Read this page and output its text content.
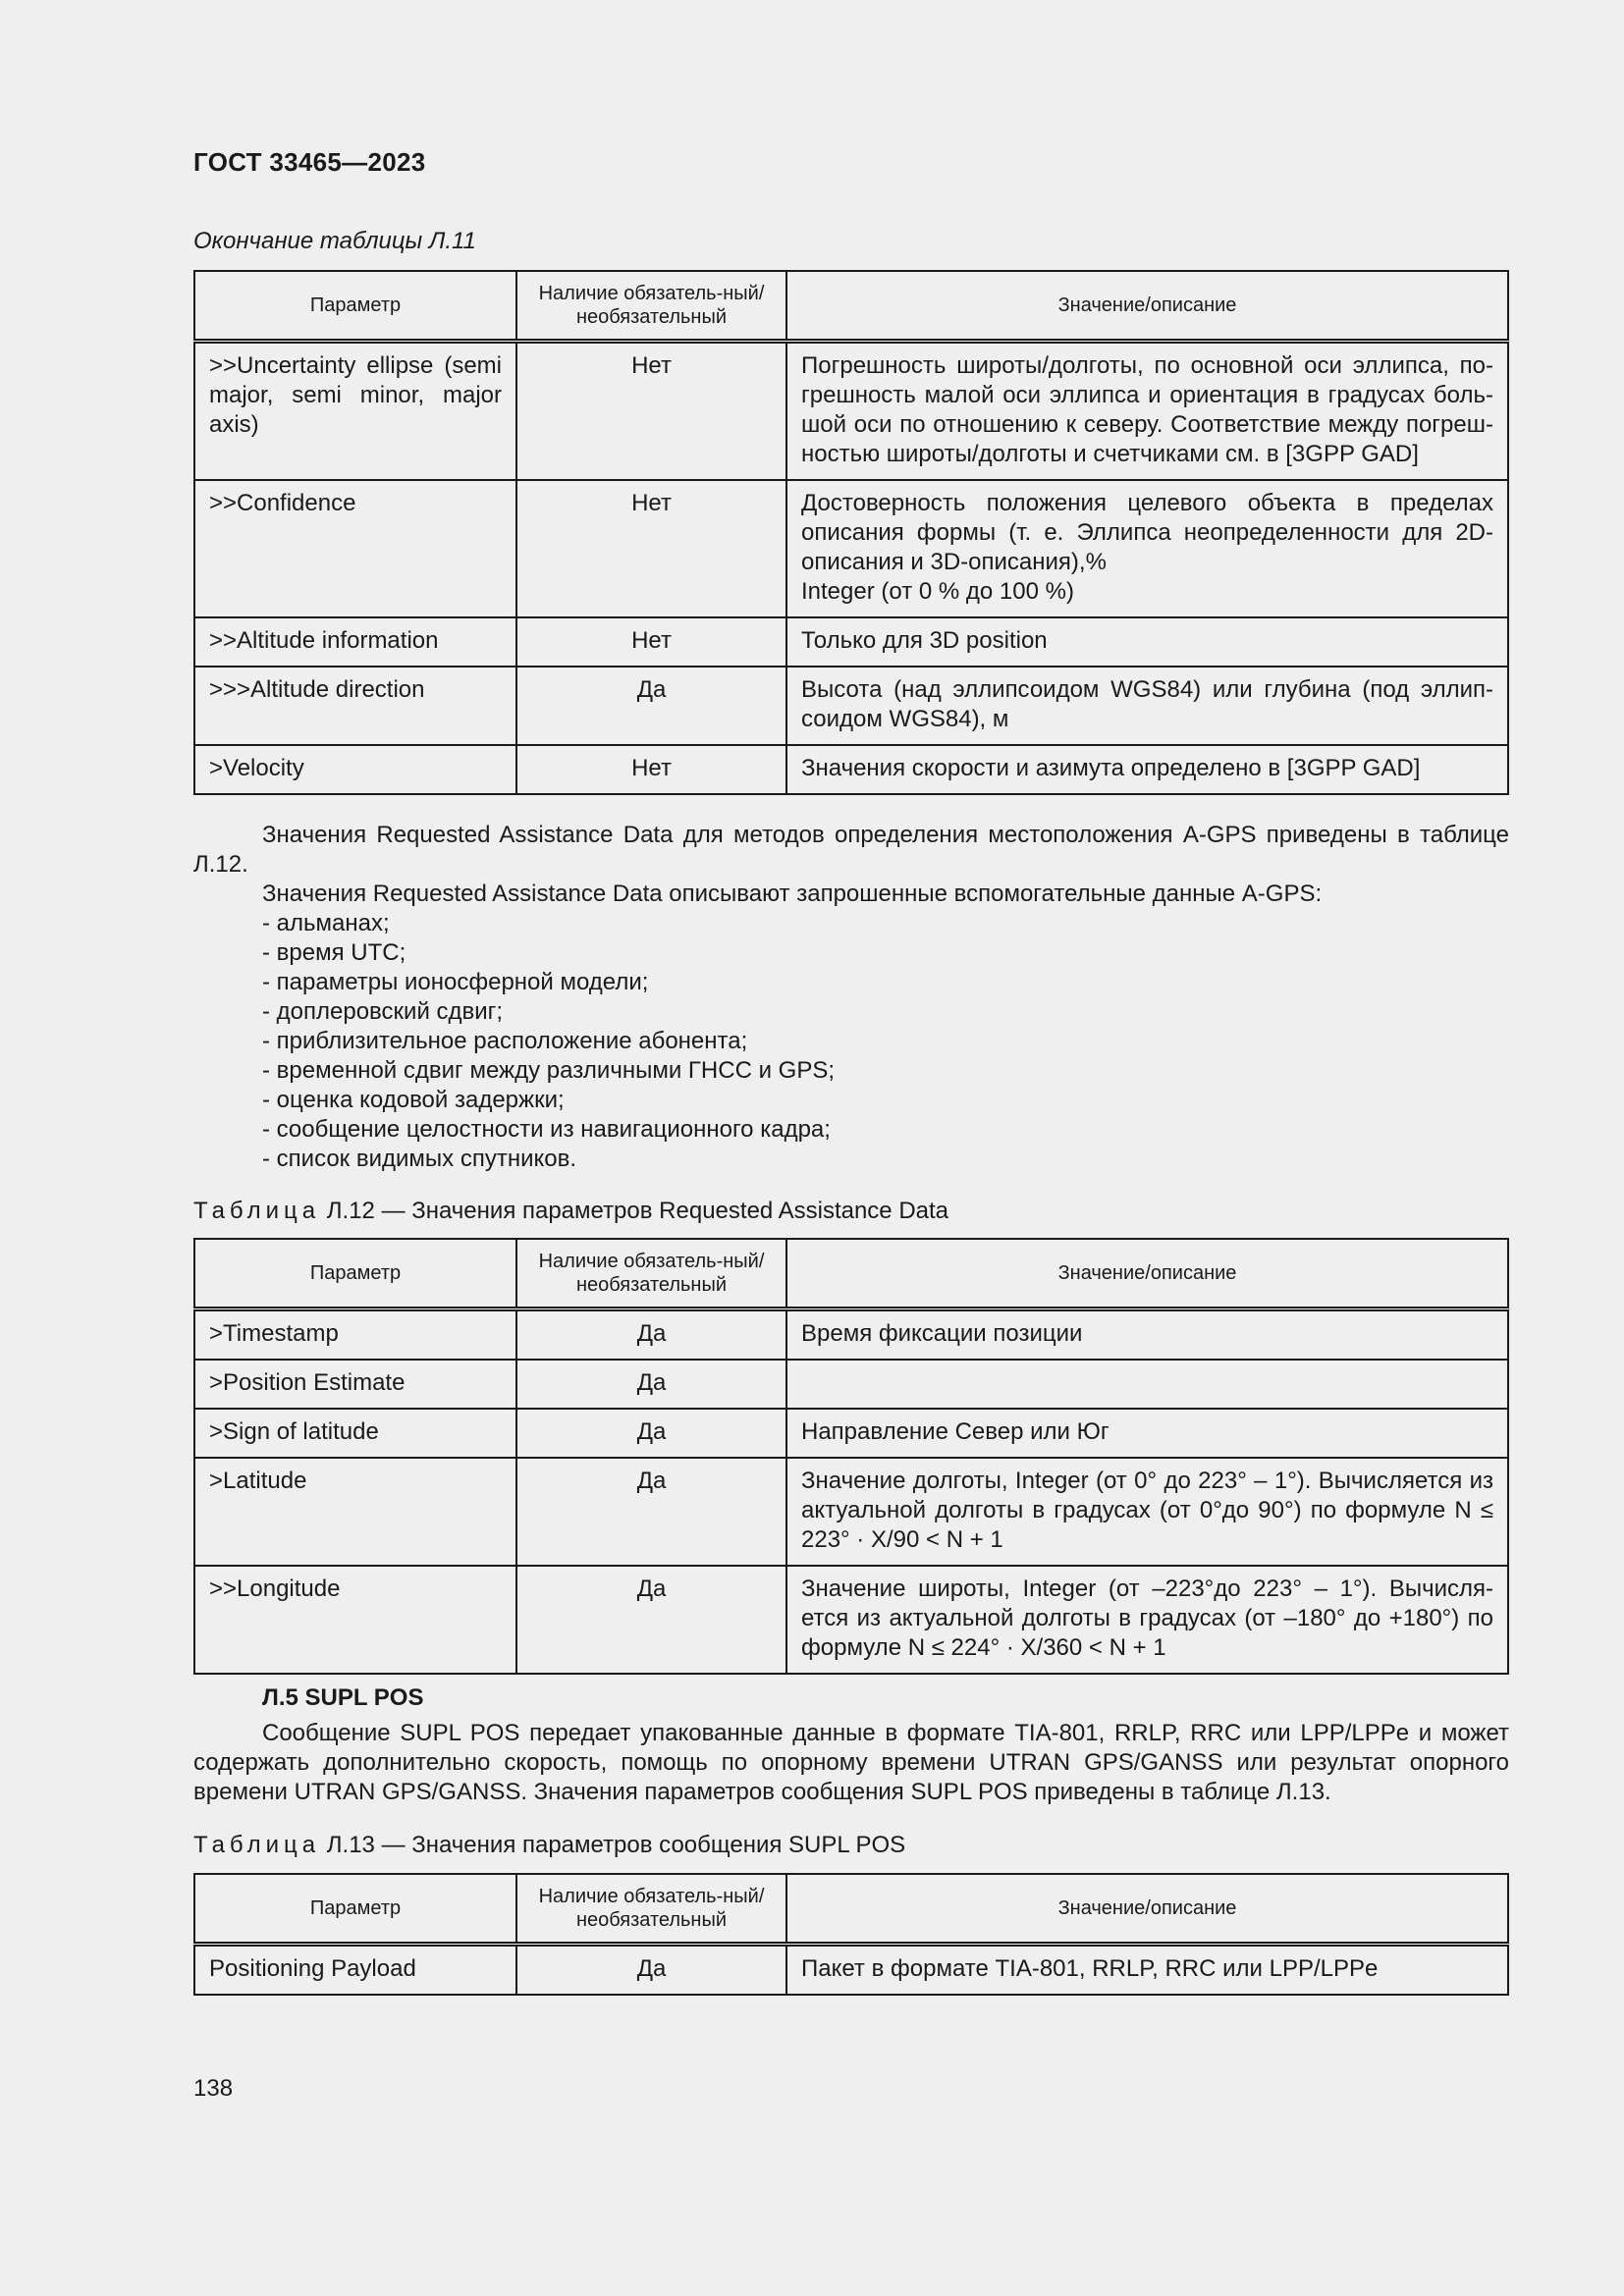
ГОСТ 33465—2023
Окончание таблицы Л.11
Параметр	Наличие обязатель-ный/необязательный	Значение/описание
>>Uncertainty ellipse (semi major, semi minor, major axis)	Нет	Погрешность широты/долготы, по основной оси эллипса, по-грешность малой оси эллипса и ориентация в градусах боль-шой оси по отношению к северу. Соответствие между погреш-ностью широты/долготы и счетчиками см. в [3GPP GAD]
>>Confidence	Нет	Достоверность положения целевого объекта в пределах описания формы (т. е. Эллипса неопределенности для 2D-описания и 3D-описания),%
Integer (от 0 % до 100 %)

>>Altitude information	Нет	Только для 3D position
>>>Altitude direction	Да	Высота (над эллипсоидом WGS84) или глубина (под эллип-соидом WGS84), м
>Velocity	Нет	Значения скорости и азимута определено в [3GPP GAD]
Значения Requested Assistance Data для методов определения местоположения A-GPS приведены в таблице Л.12.
Значения Requested Assistance Data описывают запрошенные вспомогательные данные A-GPS:
- альманах;
- время UTC;
- параметры ионосферной модели;
- доплеровский сдвиг;
- приблизительное расположение абонента;
- временной сдвиг между различными ГНСС и GPS;
- оценка кодовой задержки;
- сообщение целостности из навигационного кадра;
- список видимых спутников.
Таблица Л.12 — Значения параметров Requested Assistance Data
Параметр	Наличие обязатель-ный/необязательный	Значение/описание
>Timestamp	Да	Время фиксации позиции
>Position Estimate	Да	
>Sign of latitude	Да	Направление Север или Юг
>Latitude	Да	Значение долготы, Integer (от 0° до 223° – 1°). Вычисляется из актуальной долготы в градусах (от 0°до 90°) по формуле N ≤ 223° · X/90 < N + 1
>>Longitude	Да	Значение широты, Integer (от –223°до 223° – 1°). Вычисля-ется из актуальной долготы в градусах (от –180° до +180°) по формуле N ≤ 224° · X/360 < N + 1
Л.5 SUPL POS
Сообщение SUPL POS передает упакованные данные в формате TIA-801, RRLP, RRC или LPP/LPPe и может содержать дополнительно скорость, помощь по опорному времени UTRAN GPS/GANSS или результат опорного времени UTRAN GPS/GANSS. Значения параметров сообщения SUPL POS приведены в таблице Л.13.
Таблица Л.13 — Значения параметров сообщения SUPL POS
Параметр	Наличие обязатель-ный/необязательный	Значение/описание
Positioning Payload	Да	Пакет в формате TIA-801, RRLP, RRC или LPP/LPPe
138
